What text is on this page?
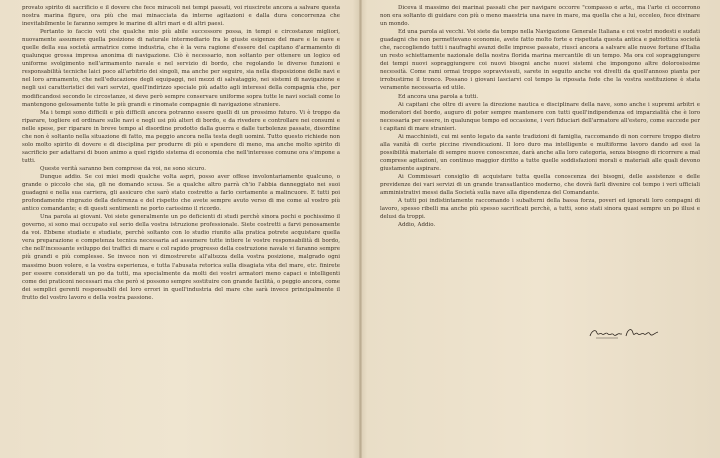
provato spirito di sacrificio e il dovere che fece miracoli nei tempi passati, voi riuscirete ancora a salvare questa nostra marina figure, ora più che mai minacciata da interne agitazioni e dalla dura concorrenza che inevitabilmente le faranno sempre le marine di altri mari e di altri paesi.

Pertanto io faccio voti che qualche mio più abile successore possa, in tempi e circostanze migliori, nuovamente assumere quella posizione di naturale intermediario fra le giuste esigenze del mare e le nave e quelle della sua società armatrice come industria, che è la vera ragione d'essere del capitano d'armamento di qualunque grossa impresa anonima di navigazione. Ciò è necessario, non soltanto per ottenere un logico ed uniforme svolgimento nell'armamento navale e nel servizio di bordo, che regolando le diverse funzioni e responsabilità tecniche laici poco all'arbitrio dei singoli, ma anche per seguire, sia nella disposizione delle navi e nel loro armamento, che nell'educazione degli equipaggi, nei mezzi di salvataggio, nei sistemi di navigazione e negli usi caratteristici dei vari servizi, quell'indirizzo speciale più adatto agli interessi della compagnia che, per modificandosi secondo le circostanze, si deve però sempre conservare uniforme sopra tutte le navi sociali come lo mantengono gelosamente tutte le più grandi e rinomate compagnie di navigazione straniere.

Ma i tempi sono difficili e più difficili ancora potranno essere quelli di un prossimo futuro. Vi è troppo da riparare, togliere ed ordinare sulle navi e negli usi più alteri di bordo, e da rivedere e controllare nei consumi e nelle spese, per riparare in breve tempo al disordine prodotto dalla guerra e dalle turbolenze passate, disordine che non è soltanto nella situazione di fatto, ma peggio ancora nella testa degli uomini. Tutto questo richiede non solo molto spirito di dovere e di disciplina per produrre di più e spendere di meno, ma anche molto spirito di sacrificio per adattarsi di buon animo a quel rigido sistema di economia che nell'interesse comune ora s'impone a tutti.

Queste verità saranno ben comprese da voi, ne sono sicuro.

Dunque addio. Se coi miei modi qualche volta aspri, posso aver offese involontariamente qualcuno, o grande o piccolo che sia, gli ne domando scusa. Se a qualche altro parrà ch'io l'abbia danneggiato nei suoi guadagni e nella sua carriera, gli assicuro che sarò stato costretto a farlo certamente a malincuore. E tutti poi profondamente ringrazio della deferenza e del rispetto che avete sempre avuto verso di me come al vostro più antico comandante; e di questi sentimenti ne porto carissimo il ricordo.

Una parola ai giovani. Voi siete generalmente un po deficienti di studi perchè sinora pochi e pochissimo il governo, si sono mai occupato sul serio della vostra istruzione professionale. Siete costretti a farvi penosamente da voi. Ebbene studiate e studiate, perchè soltanto con lo studio riunito alla pratica potrete acquistare quella vera preparazione e competenza tecnica necessaria ad assumere tutte intiere le vostre responsabilità di bordo, che nell'incessante sviluppo dei traffici di mare e col rapido progresso della costruzione navale vi faranno sempre più grandi e più complesse. Se invece non vi dimostrerete all'altezza della vostra posizione, malgrado ogni massimo buon volere, e la vostra esperienza, e tutta l'abusata retorica sulla disagiata vita del mare, etc. finirete per essere considerati un po da tutti, ma specialmente da molti dei vostri armatori meno capaci e intelligenti come dei praticoni necessari ma che però si possono sempre sostituire con grande facilità, o peggio ancora, come dei semplici gerenti responsabili del loro errori in quell'industria del mare che sarà invece principalmente il frutto del vostro lavoro e della vostra passione.

Diceva il massimo dei marinai passati che per navigare occorre "compasso e arte,, ma l'arte ci occorrono non era soltanto di guidare con più o meno maestria una nave in mare, ma quella che a lui, ecceleo, fece divinare un mondo.

Ed una parola ai vecchi. Voi siete da tempo nella Navigazione Generale Italiana e coi vostri modesti e sudati guadagni che non permettevano economie, avete fatto molto forte e rispettata questa antica e patriottica società che, raccogliendo tutti i naufraghi avanzi delle imprese passate, riuscì ancora a salvare alle nuove fortune d'Italia un resto schiettamente nazionale della nostra florida marina mercantile di un tempo. Ma ora col sopraggiungere dei tempi nuovi sopraggiungere coi nuovi bisogni anche nuovi sistemi che impongono altre dolorosissime necessità. Come rami ormai troppo sopravvissuti, sarete in seguito anche voi divelti da quell'annoso pianta per irrobustirne il tronco. Possano i giovani lasciarvi col tempo la riposata fede che la vostra sostituzione è stata veramente necessaria ed utile.

Ed ancora una parola a tutti.

Ai capitani che oltre di avere la direzione nautica e disciplinare della nave, sono anche i supremi arbitri e moderatori del bordo, auguro di poter sempre mantenere con tutti quell'indipendenza ed imparzialità che è loro necessaria per essere, in qualunque tempo ed occasione, i veri fiduciari dell'armatore all'estero, come succede per i capitani di mare stranieri.

Ai macchinisti, cui mi sento legato da sante tradizioni di famiglia, raccomando di non correre troppo dietro alla vanità di certe piccine rivendicazioni. Il loro duro ma intelligente e multiforme lavoro dando ad essi la possibilità materiale di sempre nuove conoscenze, darà anche alla loro categoria, senza bisogno di ricorrere a mal comprese agitazioni, un continuo maggior diritto a tutte quelle soddisfazioni morali e materiali alle quali devono giustamente aspirare.

Ai Commissari consiglio di acquistare tutta quella conoscenza dei bisogni, delle assistenze e delle previdenze dei vari servizi di un grande transatlantico moderno, che dovrà farli divenire col tempo i veri ufficiali amministrativi messi dalla Società sulla nave alla dipendenza del Comandante.

A tutti poi indistintamente raccomando i subalterni della bassa forza, poveri ed ignorati loro compagni di lavoro, spesso ribelli ma anche più spesso sacrificati perchè, a tutti, sono stati sinora quasi sempre un po illusi e delusi da troppi.

Addio, Addio.
